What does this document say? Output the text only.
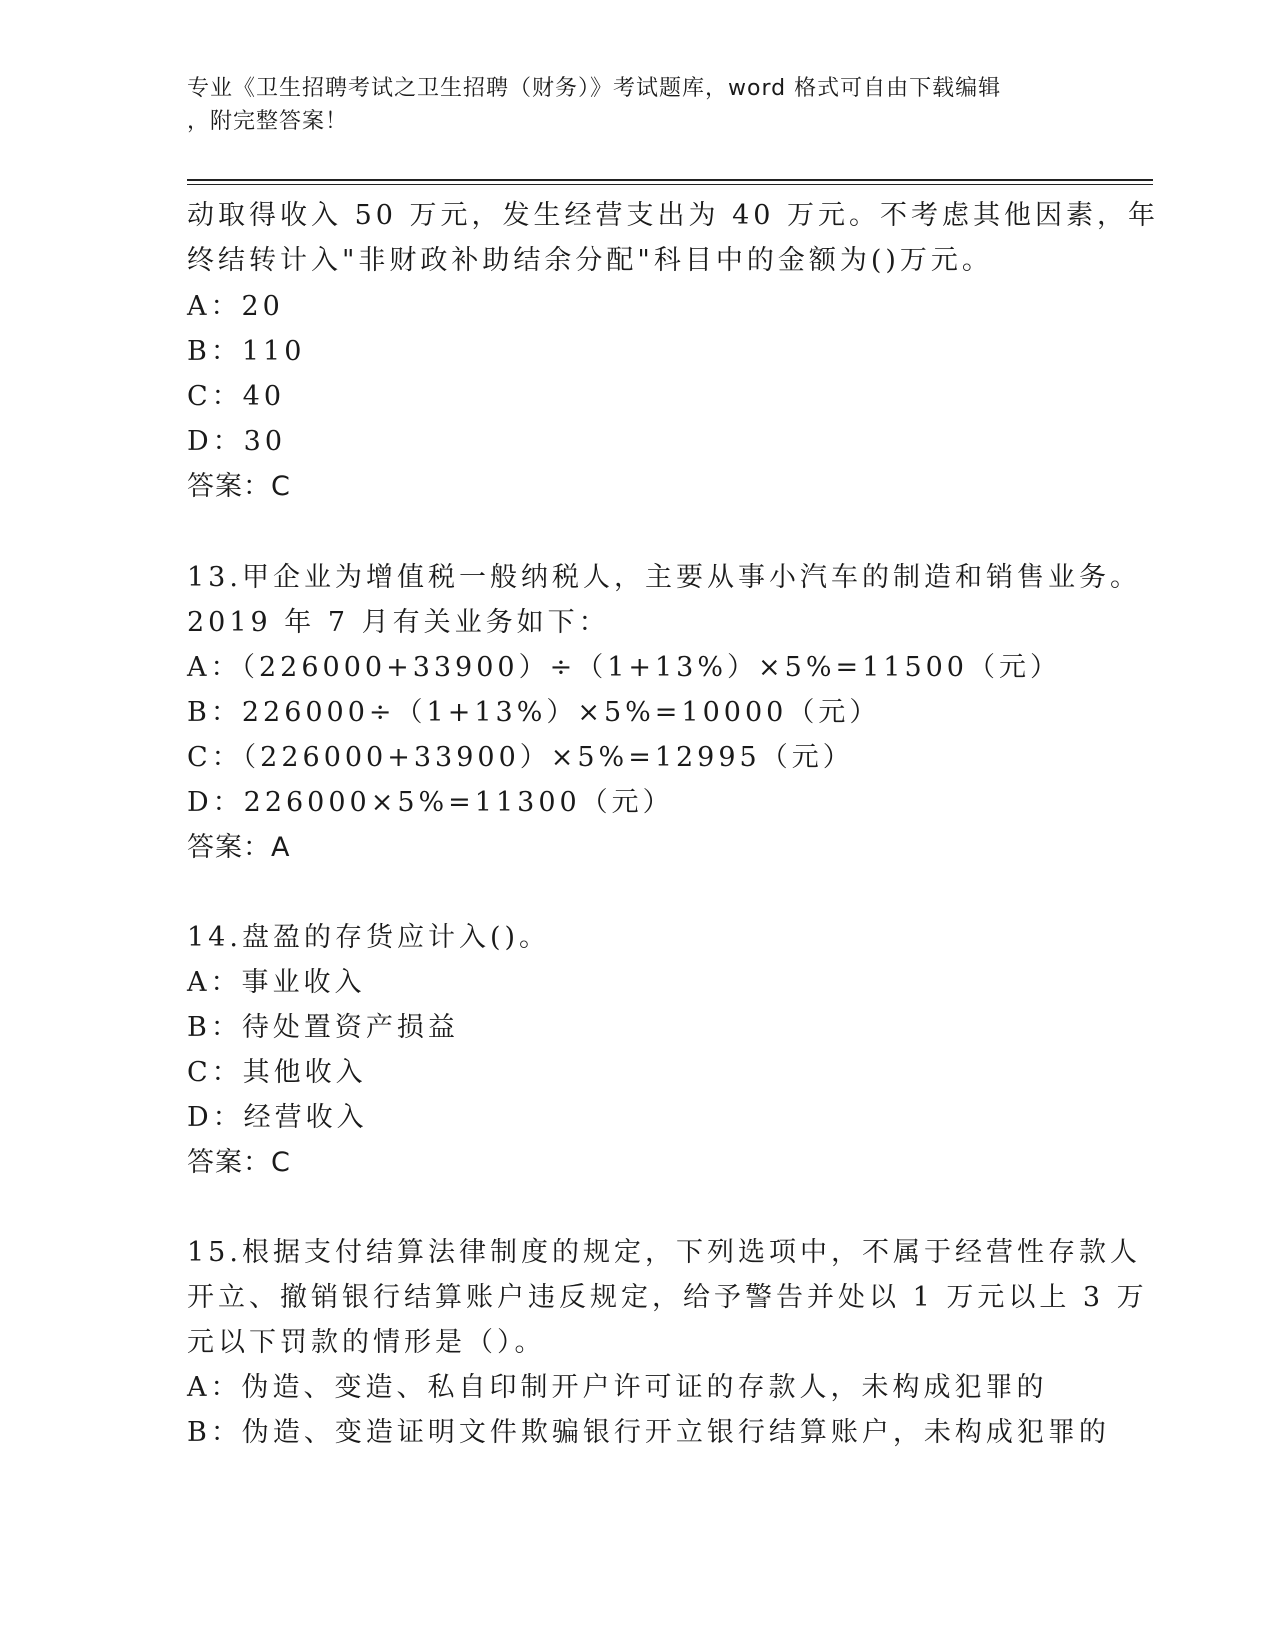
专业《卫生招聘考试之卫生招聘（财务）》考试题库，word 格式可自由下载编辑
，附完整答案！
动取得收入 50 万元，发生经营支出为 40 万元。不考虑其他因素，年
终结转计入"非财政补助结余分配"科目中的金额为()万元。
A：20
B：110
C：40
D：30
答案：C
13.甲企业为增值税一般纳税人，主要从事小汽车的制造和销售业务。
2019 年 7 月有关业务如下：
A：（226000+33900）÷（1+13%）×5%=11500（元）
B：226000÷（1+13%）×5%=10000（元）
C：（226000+33900）×5%=12995（元）
D：226000×5%=11300（元）
答案：A
14.盘盈的存货应计入()。
A：事业收入
B：待处置资产损益
C：其他收入
D：经营收入
答案：C
15.根据支付结算法律制度的规定，下列选项中，不属于经营性存款人
开立、撤销银行结算账户违反规定，给予警告并处以 1 万元以上 3 万
元以下罚款的情形是（）。
A：伪造、变造、私自印制开户许可证的存款人，未构成犯罪的
B：伪造、变造证明文件欺骗银行开立银行结算账户，未构成犯罪的
